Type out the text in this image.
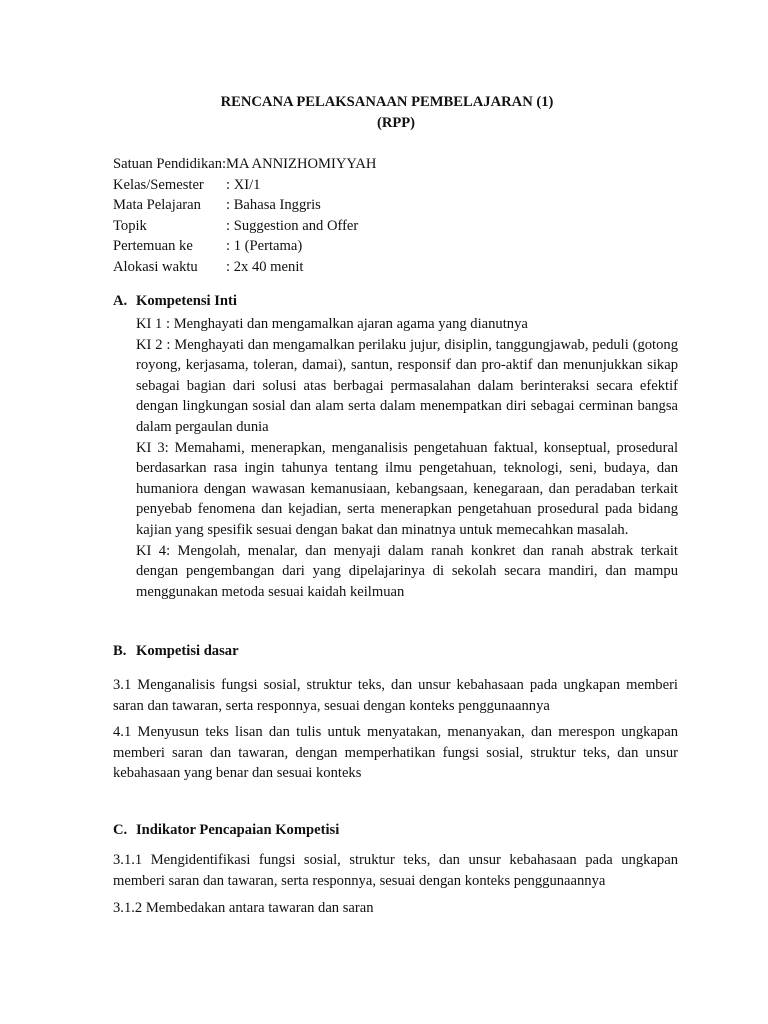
RENCANA PELAKSANAAN PEMBELAJARAN (1)
(RPP)
Satuan Pendidikan:MA ANNIZHOMIYYAH
Kelas/Semester : XI/1
Mata Pelajaran : Bahasa Inggris
Topik	: Suggestion and Offer
Pertemuan ke : 1 (Pertama)
Alokasi waktu : 2x 40 menit
A. Kompetensi Inti

KI 1 : Menghayati dan mengamalkan ajaran agama yang dianutnya

KI 2 : Menghayati dan mengamalkan perilaku jujur, disiplin, tanggungjawab, peduli (gotong royong, kerjasama, toleran, damai), santun, responsif dan pro-aktif dan menunjukkan sikap sebagai bagian dari solusi atas berbagai permasalahan dalam berinteraksi secara efektif dengan lingkungan sosial dan alam serta dalam menempatkan diri sebagai cerminan bangsa dalam pergaulan dunia

KI 3: Memahami, menerapkan, menganalisis pengetahuan faktual, konseptual, prosedural berdasarkan rasa ingin tahunya tentang ilmu pengetahuan, teknologi, seni, budaya, dan humaniora dengan wawasan kemanusiaan, kebangsaan, kenegaraan, dan peradaban terkait penyebab fenomena dan kejadian, serta menerapkan pengetahuan prosedural pada bidang kajian yang spesifik sesuai dengan bakat dan minatnya untuk memecahkan masalah.

KI 4: Mengolah, menalar, dan menyaji dalam ranah konkret dan ranah abstrak terkait dengan pengembangan dari yang dipelajarinya di sekolah secara mandiri, dan mampu menggunakan metoda sesuai kaidah keilmuan

B. Kompetisi dasar

3.1 Menganalisis fungsi sosial, struktur teks, dan unsur kebahasaan pada ungkapan memberi saran dan tawaran, serta responnya, sesuai dengan konteks penggunaannya

4.1 Menyusun teks lisan dan tulis untuk menyatakan, menanyakan, dan merespon ungkapan memberi saran dan tawaran, dengan memperhatikan fungsi sosial, struktur teks, dan unsur kebahasaan yang benar dan sesuai konteks

C. Indikator Pencapaian Kompetisi

3.1.1 Mengidentifikasi fungsi sosial, struktur teks, dan unsur kebahasaan pada ungkapan memberi saran dan tawaran, serta responnya, sesuai dengan konteks penggunaannya

3.1.2 Membedakan antara tawaran dan saran
